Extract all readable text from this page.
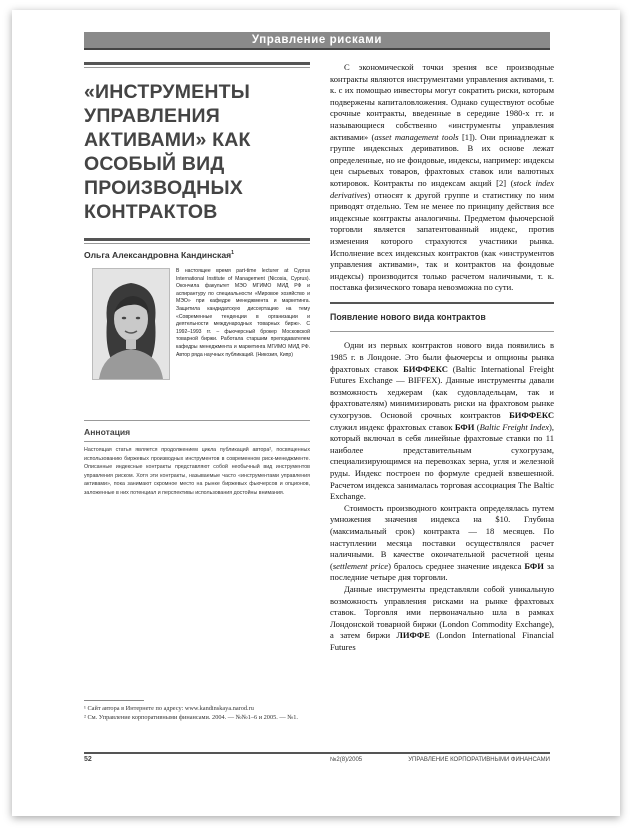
Управление рисками
«ИНСТРУМЕНТЫ УПРАВЛЕНИЯ АКТИВАМИ» КАК ОСОБЫЙ ВИД ПРОИЗВОДНЫХ КОНТРАКТОВ
Ольга Александровна Кандинская$^1$
В настоящее время part-time lecturer at Cyprus International Institute of Management (Nicosia, Cyprus). Окончила факультет МЭО МГИМО МИД РФ и аспирантуру по специальности «Мировое хозяйство и МЭО» при кафедре менеджмента и маркетинга. Защитила кандидатскую диссертацию на тему «Современные тенденции в организации и деятельности международных товарных бирж». С 1992–1993 гг. – фьючерсный брокер Московской товарной биржи. Работала старшим преподавателем кафедры менеджмента и маркетинга МГИМО МИД РФ. Автор ряда научных публикаций. (Никозия, Кипр)
Аннотация
Настоящая статья является продолжением цикла публикаций автора², посвященных использованию биржевых производных инструментов в современном риск-менеджменте. Описанные индексные контракты представляют собой необычный вид инструментов управления риском. Хотя эти контракты, называемые часто «инструментами управления активами», пока занимают скромное место на рынке биржевых фьючерсов и опционов, заложенные в них потенциал и перспективы использования достойны внимания.
¹ Сайт автора в Интернете по адресу: www.kandinskaya.narod.ru
² См. Управление корпоративными финансами. 2004. — №№1–6 и 2005. — №1.

С экономической точки зрения все производные контракты являются инструментами управления активами, т. к. с их помощью инвесторы могут сократить риски, которым подвержены капиталовложения. Однако существуют особые срочные контракты, введенные в середине 1980-х гг. и называющиеся собственно «инструменты управления активами» (asset management tools [1]). Они принадлежат к группе индексных деривативов. В их основе лежат определенные, но не фондовые, индексы, например: индексы цен сырьевых товаров, фрахтовых ставок или валютных котировок. Контракты по индексам акций [2] (stock index derivatives) относят к другой группе и статистику по ним приводят отдельно. Тем не менее по принципу действия все индексные контракты аналогичны. Предметом фьючерсной торговли является запатентованный индекс, против изменения которого страхуются участники рынка. Исполнение всех индексных контрактов (как «инструментов управления активами», так и контрактов на фондовые индексы) производится только расчетом наличными, т. к. поставка физического товара невозможна по сути.

Появление нового вида контрактов

Одни из первых контрактов нового вида появились в 1985 г. в Лондоне. Это были фьючерсы и опционы рынка фрахтовых ставок БИФФЕКС (Baltic International Freight Futures Exchange — BIFFEX). Данные инструменты давали возможность хеджерам (как судовладельцам, так и фрахтователям) минимизировать риски на фрахтовом рынке сухогрузов. Основой срочных контрактов БИФФЕКС служил индекс фрахтовых ставок БФИ (Baltic Freight Index), который включал в себя линейные фрахтовые ставки по 11 наиболее представительным сухогрузам, специализирующимся на перевозках зерна, угля и железной руды. Индекс построен по формуле средней взвешенной. Расчетом индекса занималась торговая ассоциация The Baltic Exchange.

Стоимость производного контракта определялась путем умножения значения индекса на $10. Глубина (максимальный срок) контракта — 18 месяцев. По наступлении месяца поставки осуществлялся расчет наличными. В качестве окончательной расчетной цены (settlement price) бралось среднее значение индекса БФИ за последние четыре дня торговли.

Данные инструменты представляли собой уникальную возможность управления рисками на рынке фрахтовых ставок. Торговля ими первоначально шла в рамках Лондонской товарной биржи (London Commodity Exchange), а затем биржи ЛИФФЕ (London International Financial Futures

52	№2(8)/2005	УПРАВЛЕНИЕ КОРПОРАТИВНЫМИ ФИНАНСАМИ
